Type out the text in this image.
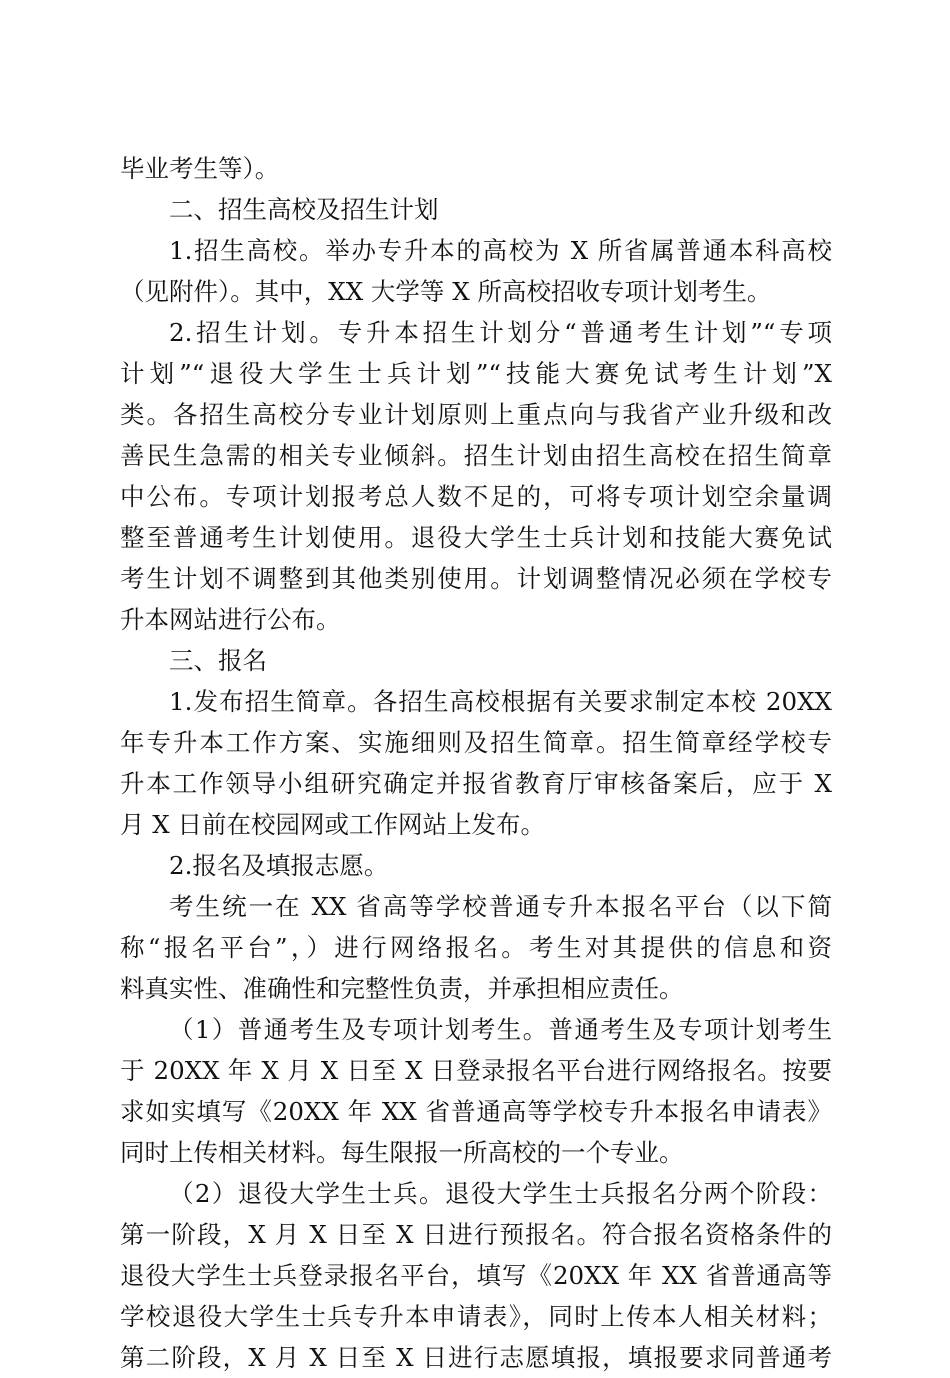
毕业考生等）。
二、招生高校及招生计划
1.招生高校。举办专升本的高校为 X 所省属普通本科高校
（见附件）。其中，XX 大学等 X 所高校招收专项计划考生。
2.招生计划。专升本招生计划分“普通考生计划”“专项
计划”“退役大学生士兵计划”“技能大赛免试考生计划”X
类。各招生高校分专业计划原则上重点向与我省产业升级和改
善民生急需的相关专业倾斜。招生计划由招生高校在招生简章
中公布。专项计划报考总人数不足的，可将专项计划空余量调
整至普通考生计划使用。退役大学生士兵计划和技能大赛免试
考生计划不调整到其他类别使用。计划调整情况必须在学校专
升本网站进行公布。
三、报名
1.发布招生简章。各招生高校根据有关要求制定本校 20XX
年专升本工作方案、实施细则及招生简章。招生简章经学校专
升本工作领导小组研究确定并报省教育厅审核备案后，应于 X
月 X 日前在校园网或工作网站上发布。
2.报名及填报志愿。
考生统一在 XX 省高等学校普通专升本报名平台（以下简
称“报名平台”，）进行网络报名。考生对其提供的信息和资
料真实性、准确性和完整性负责，并承担相应责任。
（1）普通考生及专项计划考生。普通考生及专项计划考生
于 20XX 年 X 月 X 日至 X 日登录报名平台进行网络报名。按要
求如实填写《20XX 年 XX 省普通高等学校专升本报名申请表》
同时上传相关材料。每生限报一所高校的一个专业。
（2）退役大学生士兵。退役大学生士兵报名分两个阶段：
第一阶段，X 月 X 日至 X 日进行预报名。符合报名资格条件的
退役大学生士兵登录报名平台，填写《20XX 年 XX 省普通高等
学校退役大学生士兵专升本申请表》，同时上传本人相关材料；
第二阶段，X 月 X 日至 X 日进行志愿填报，填报要求同普通考
